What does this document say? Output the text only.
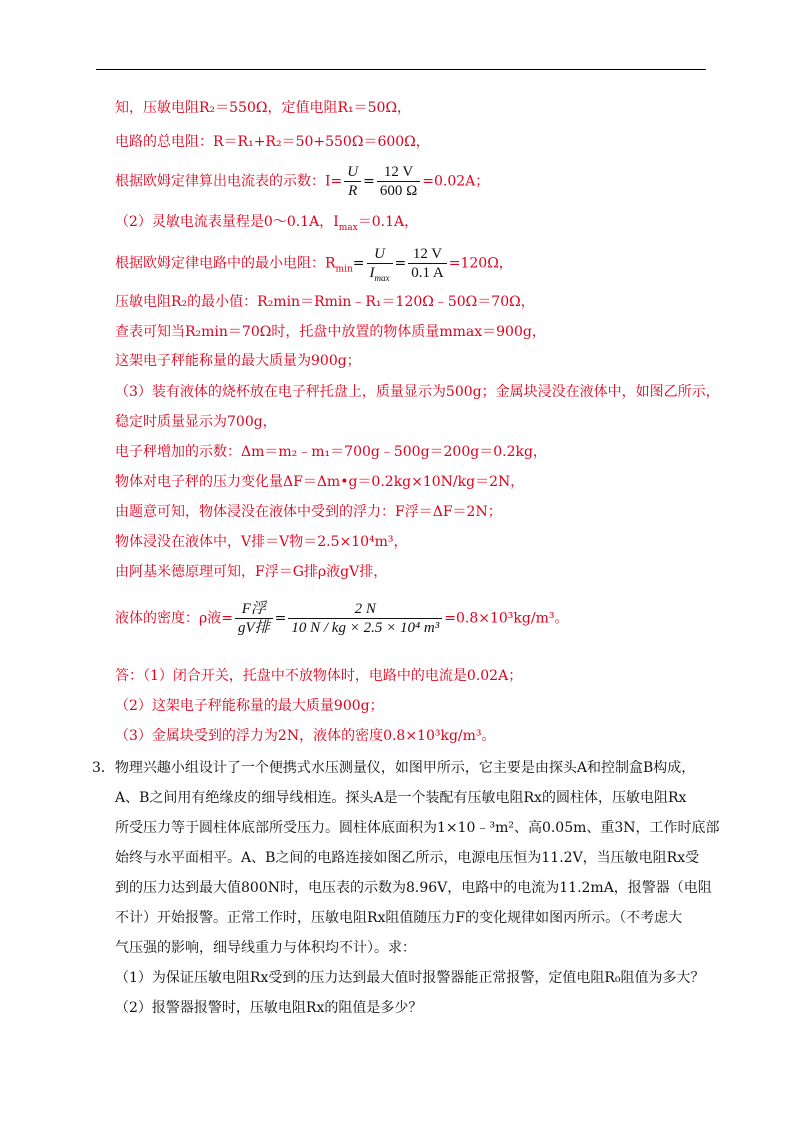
知，压敏电阻R₂＝550Ω，定值电阻R₁＝50Ω，
电路的总电阻：R＝R₁+R₂＝50+550Ω＝600Ω，
根据欧姆定律算出电流表的示数：$I= \frac{U}{R} = \frac{12 V}{600 \Omega} =0.02A$；
（2）灵敏电流表量程是0～0.1A，$I_{max}=0.1A$，
根据欧姆定律电路中的最小电阻：$R_{min}= \frac{U}{I_{max}} = \frac{12 V}{0.1 A} =120\Omega$，
压敏电阻R₂的最小值：R₂min＝Rmin﹣R₁＝120Ω﹣50Ω＝70Ω，
查表可知当R₂min＝70Ω时，托盘中放置的物体质量mmax＝900g，
这架电子秤能称量的最大质量为900g；
（3）装有液体的烧杯放在电子秤托盘上，质量显示为500g；金属块浸没在液体中，如图乙所示，
稳定时质量显示为700g，
电子秤增加的示数：Δm＝m₂﹣m₁＝700g﹣500g＝200g＝0.2kg，
物体对电子秤的压力变化量ΔF＝Δm•g＝0.2kg×10N/kg＝2N，
由题意可知，物体浸没在液体中受到的浮力：F浮＝ΔF＝2N；
物体浸没在液体中，V排＝V物＝2.5×10⁴m³，
由阿基米德原理可知，F浮＝G排ρ液gV排，
液体的密度：ρ液= $\frac{\text{F浮}}{\text{gV排}} = \frac{2 N}{\text{10 N / kg × 2.5 × 10⁴ m³}} =0.8\times 10^3kg/m^3$。
答：（1）闭合开关，托盘中不放物体时，电路中的电流是0.02A；
（2）这架电子秤能称量的最大质量900g；
（3）金属块受到的浮力为2N，液体的密度0.8×10³kg/m³。
3．物理兴趣小组设计了一个便携式水压测量仪，如图甲所示，它主要是由探头A和控制盒B构成，
A、B之间用有绝缘皮的细导线相连。探头A是一个装配有压敏电阻Rx的圆柱体，压敏电阻Rx
所受压力等于圆柱体底部所受压力。圆柱体底面积为1×10﹣³m²、高0.05m、重3N，工作时底部
始终与水平面相平。A、B之间的电路连接如图乙所示，电源电压恒为11.2V，当压敏电阻Rx受
到的压力达到最大值800N时，电压表的示数为8.96V，电路中的电流为11.2mA，报警器（电阻
不计）开始报警。正常工作时，压敏电阻Rx阻值随压力F的变化规律如图丙所示。（不考虑大
气压强的影响，细导线重力与体积均不计）。求：
（1）为保证压敏电阻Rx受到的压力达到最大值时报警器能正常报警，定值电阻R₀阻值为多大？
（2）报警器报警时，压敏电阻Rx的阻值是多少？
